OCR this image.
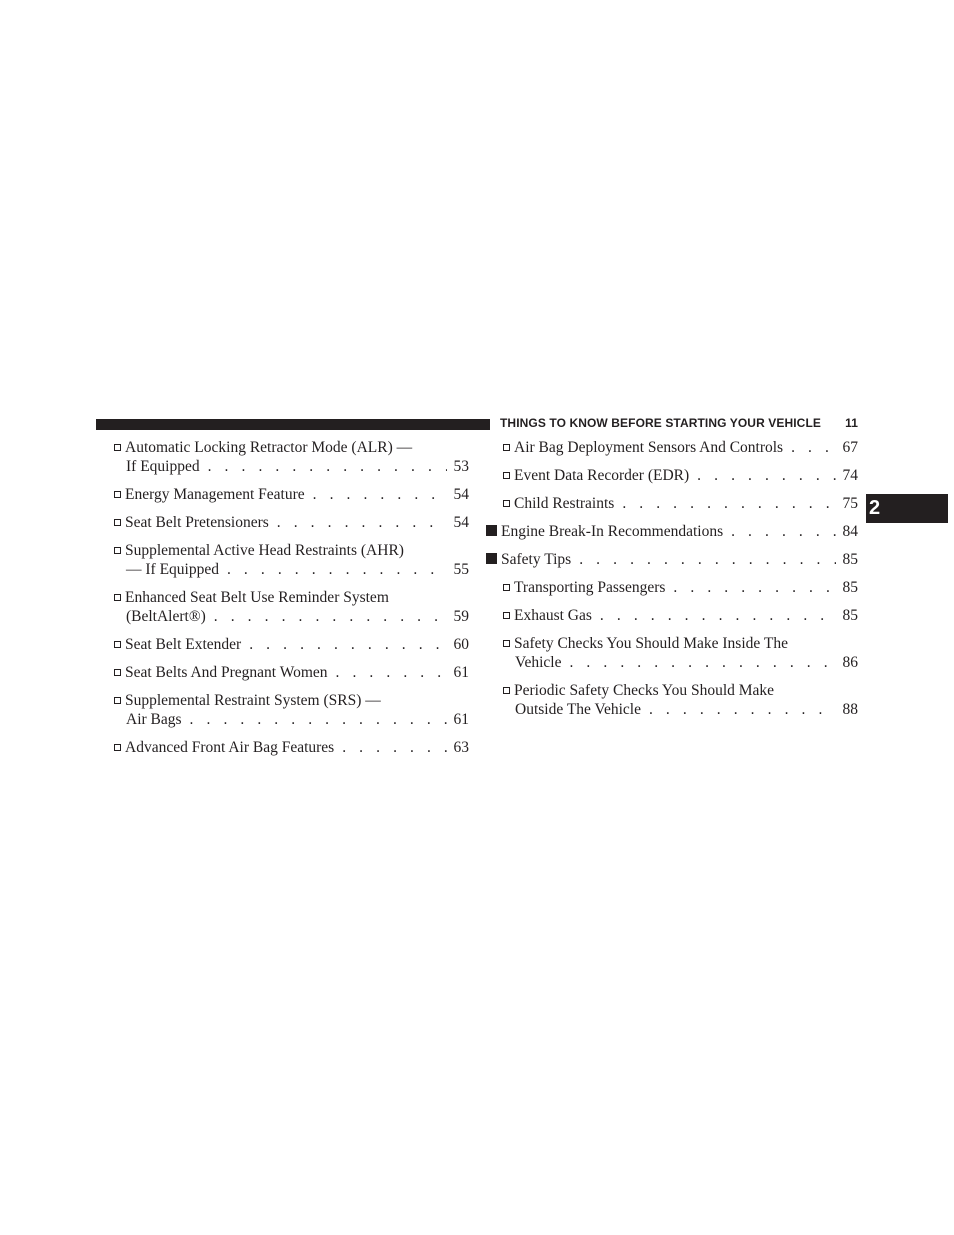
THINGS TO KNOW BEFORE STARTING YOUR VEHICLE 11
2
Automatic Locking Retractor Mode (ALR) —
If Equipped . . .	53
Energy Management Feature . . .	54
Seat Belt Pretensioners . . .	54
Supplemental Active Head Restraints (AHR)
— If Equipped . . .	55
Enhanced Seat Belt Use Reminder System
(BeltAlert®) . . .	59
Seat Belt Extender . . .	60
Seat Belts And Pregnant Women . . .	61
Supplemental Restraint System (SRS) —
Air Bags . . .	61
Advanced Front Air Bag Features . . .	63
Air Bag Deployment Sensors And Controls . . .	67
Event Data Recorder (EDR) . . .	74
Child Restraints . . .	75
Engine Break-In Recommendations . . .	84
Safety Tips . . .	85
Transporting Passengers . . .	85
Exhaust Gas . . .	85
Safety Checks You Should Make Inside The
Vehicle . . .	86
Periodic Safety Checks You Should Make
Outside The Vehicle . . .	88
